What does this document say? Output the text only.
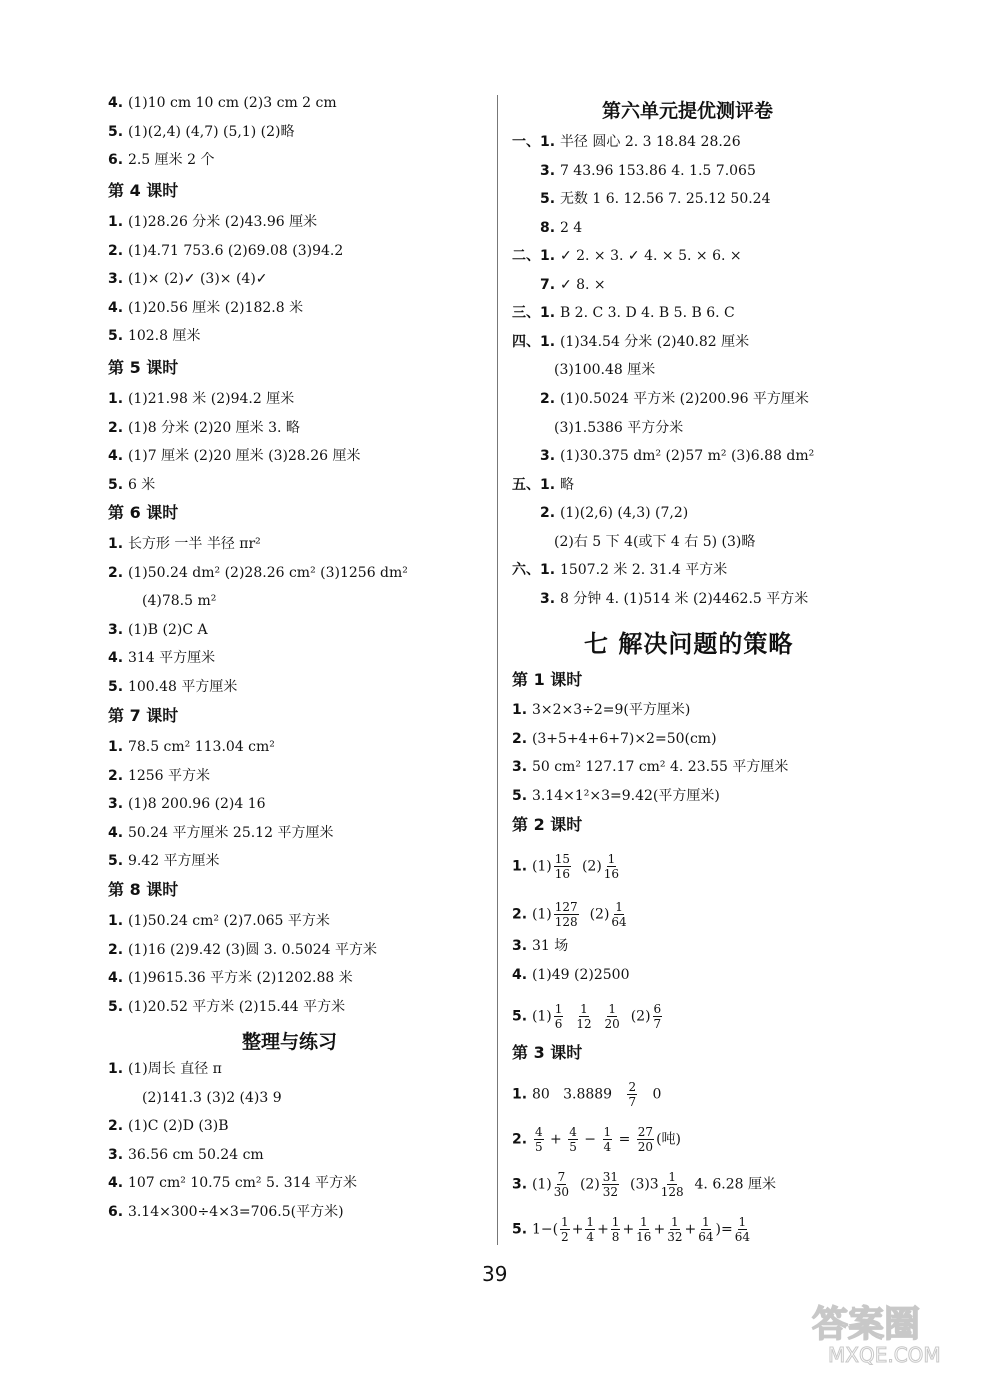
4. (1)10 cm 10 cm (2)3 cm 2 cm
5. (1)(2,4) (4,7) (5,1) (2)略
6. 2.5 厘米 2 个
第 4 课时
1. (1)28.26 分米 (2)43.96 厘米
2. (1)4.71 753.6 (2)69.08 (3)94.2
3. (1)× (2)✓ (3)× (4)✓
4. (1)20.56 厘米 (2)182.8 米
5. 102.8 厘米
第 5 课时
1. (1)21.98 米 (2)94.2 厘米
2. (1)8 分米 (2)20 厘米 3. 略
4. (1)7 厘米 (2)20 厘米 (3)28.26 厘米
5. 6 米
第 6 课时
1. 长方形 一半 半径 πr²
2. (1)50.24 dm² (2)28.26 cm² (3)1256 dm²
(4)78.5 m²
3. (1)B (2)C A
4. 314 平方厘米
5. 100.48 平方厘米
第 7 课时
1. 78.5 cm² 113.04 cm²
2. 1256 平方米
3. (1)8 200.96 (2)4 16
4. 50.24 平方厘米 25.12 平方厘米
5. 9.42 平方厘米
第 8 课时
1. (1)50.24 cm² (2)7.065 平方米
2. (1)16 (2)9.42 (3)圆 3. 0.5024 平方米
4. (1)9615.36 平方米 (2)1202.88 米
5. (1)20.52 平方米 (2)15.44 平方米
整理与练习
1. (1)周长 直径 π
(2)141.3 (3)2 (4)3 9
2. (1)C (2)D (3)B
3. 36.56 cm 50.24 cm
4. 107 cm² 10.75 cm² 5. 314 平方米
6. 3.14×300÷4×3=706.5(平方米)
第六单元提优测评卷
一、1. 半径 圆心 2. 3 18.84 28.26
3. 7 43.96 153.86 4. 1.5 7.065
5. 无数 1 6. 12.56 7. 25.12 50.24
8. 2 4
二、1. ✓ 2. × 3. ✓ 4. × 5. × 6. ×
7. ✓ 8. ×
三、1. B 2. C 3. D 4. B 5. B 6. C
四、1. (1)34.54 分米 (2)40.82 厘米
(3)100.48 厘米
2. (1)0.5024 平方米 (2)200.96 平方厘米
(3)1.5386 平方分米
3. (1)30.375 dm² (2)57 m² (3)6.88 dm²
五、1. 略
2. (1)(2,6) (4,3) (7,2)
(2)右 5 下 4(或下 4 右 5) (3)略
六、1. 1507.2 米 2. 31.4 平方米
3. 8 分钟 4. (1)514 米 (2)4462.5 平方米
七 解决问题的策略
第 1 课时
1. 3×2×3÷2=9(平方厘米)
2. (3+5+4+6+7)×2=50(cm)
3. 50 cm² 127.17 cm² 4. 23.55 平方厘米
5. 3.14×1²×3=9.42(平方厘米)
第 2 课时
1. $(1) \frac{15}{16} (2) \frac{1}{16}$
2. $(1) \frac{127}{128} (2) \frac{1}{64}$
3. 31 场
4. (1)49 (2)2500
5. $(1) \frac{1}{6}$
$\frac{1}{12}$
$\frac{1}{20} (2) \frac{6}{7}$
第 3 课时
1. 80   $3.8889 \frac{2}{7} 0$
2. $\frac{4}{5} + \frac{4}{5} - \frac{1}{4} = \frac{27}{20}$ (吨)
3. $(1) \frac{7}{30} (2) \frac{31}{32} (3)3 \frac{1}{128} 4$. 6.28 厘米
5. $1-( \frac{1}{2} + \frac{1}{4} + \frac{1}{8} + \frac{1}{16} + \frac{1}{32} + \frac{1}{64}$ )= $\frac{1}{64}$
39
答案圈
MXQE.COM
